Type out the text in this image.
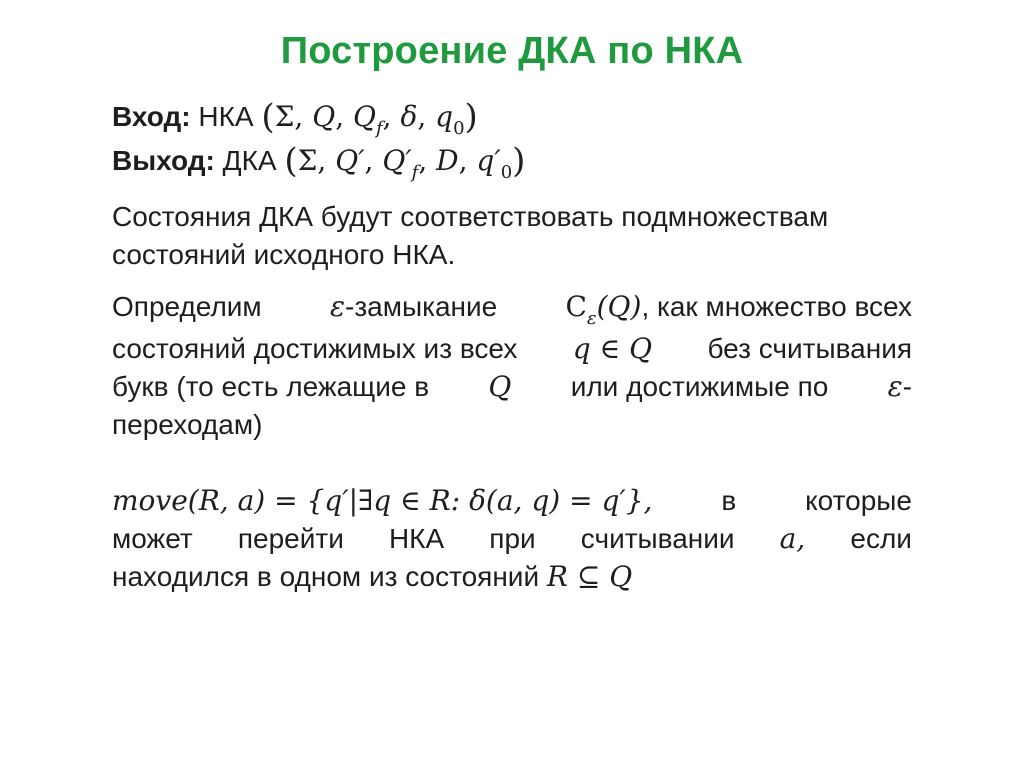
Построение ДКА по НКА
Вход: НКА (Σ, Q, $Q_f$, δ, $q_0$)
Выход: ДКА (Σ, Q′, $Q'_f$, D, $q'_0$)
Состояния ДКА будут соответствовать подмножествам
состояний исходного НКА.
Определим ε-замыкание $C_\varepsilon(Q)$, как множество всех
состояний достижимых из всех q ∈ Q без считывания
букв (то есть лежащие в Q или достижимые по ε-
переходам)
move(R, a) = {q′|∃q ∈ R: δ(a, q) = q′}, в которые
может перейти НКА при считывании a, если
находился в одном из состояний R ⊆ Q
